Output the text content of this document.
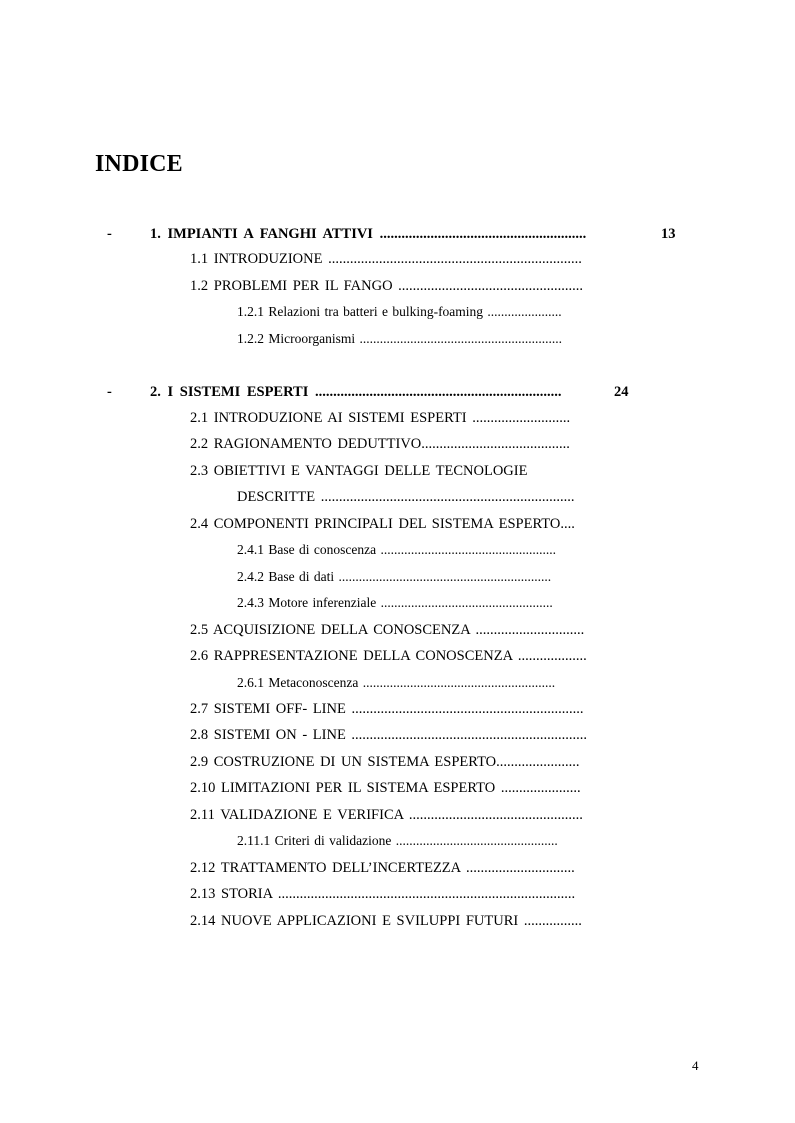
INDICE
-	1. IMPIANTI A FANGHI ATTIVI .........................................................	13
1.1 INTRODUZIONE ......................................................................
1.2 PROBLEMI PER IL FANGO ...................................................
1.2.1 Relazioni tra batteri e bulking-foaming ......................
1.2.2 Microorganismi ............................................................
-	2. I SISTEMI ESPERTI ....................................................................	24
2.1 INTRODUZIONE AI SISTEMI ESPERTI ...........................
2.2 RAGIONAMENTO DEDUTTIVO.........................................
2.3 OBIETTIVI E VANTAGGI DELLE TECNOLOGIE
DESCRITTE ......................................................................
2.4 COMPONENTI PRINCIPALI DEL SISTEMA ESPERTO....
2.4.1 Base di conoscenza ....................................................
2.4.2 Base di dati ...............................................................
2.4.3 Motore inferenziale ...................................................
2.5 ACQUISIZIONE DELLA CONOSCENZA ..............................
2.6 RAPPRESENTAZIONE DELLA CONOSCENZA ...................
2.6.1 Metaconoscenza .........................................................
2.7 SISTEMI OFF- LINE ................................................................
2.8 SISTEMI ON - LINE .................................................................
2.9 COSTRUZIONE DI UN SISTEMA ESPERTO.......................
2.10 LIMITAZIONI PER IL SISTEMA ESPERTO ......................
2.11 VALIDAZIONE E VERIFICA ................................................
2.11.1 Criteri di validazione ................................................
2.12 TRATTAMENTO DELL’INCERTEZZA ..............................
2.13 STORIA ..................................................................................
2.14 NUOVE APPLICAZIONI E SVILUPPI FUTURI ................
4
